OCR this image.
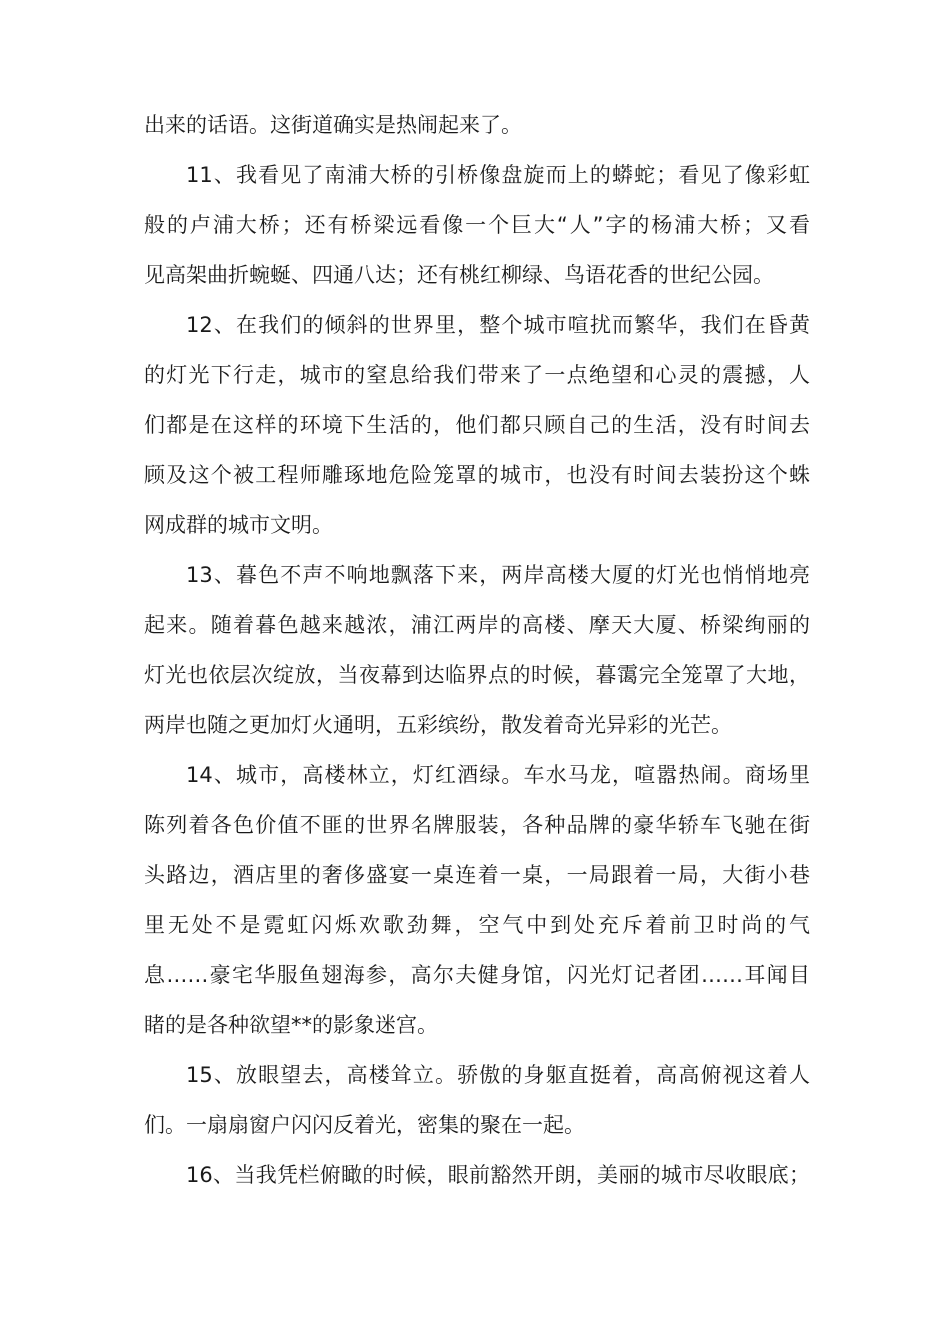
出来的话语。这街道确实是热闹起来了。
11、我看见了南浦大桥的引桥像盘旋而上的蟒蛇；看见了像彩虹
般的卢浦大桥；还有桥梁远看像一个巨大“人”字的杨浦大桥；又看
见高架曲折蜿蜒、四通八达；还有桃红柳绿、鸟语花香的世纪公园。
12、在我们的倾斜的世界里，整个城市喧扰而繁华，我们在昏黄
的灯光下行走，城市的窒息给我们带来了一点绝望和心灵的震撼，人
们都是在这样的环境下生活的，他们都只顾自己的生活，没有时间去
顾及这个被工程师雕琢地危险笼罩的城市，也没有时间去装扮这个蛛
网成群的城市文明。
13、暮色不声不响地飘落下来，两岸高楼大厦的灯光也悄悄地亮
起来。随着暮色越来越浓，浦江两岸的高楼、摩天大厦、桥梁绚丽的
灯光也依层次绽放，当夜幕到达临界点的时候，暮霭完全笼罩了大地，
两岸也随之更加灯火通明，五彩缤纷，散发着奇光异彩的光芒。
14、城市，高楼林立，灯红酒绿。车水马龙，喧嚣热闹。商场里
陈列着各色价值不匪的世界名牌服装，各种品牌的豪华轿车飞驰在街
头路边，酒店里的奢侈盛宴一桌连着一桌，一局跟着一局，大街小巷
里无处不是霓虹闪烁欢歌劲舞，空气中到处充斥着前卫时尚的气
息……豪宅华服鱼翅海参，高尔夫健身馆，闪光灯记者团……耳闻目
睹的是各种欲望**的影象迷宫。
15、放眼望去，高楼耸立。骄傲的身躯直挺着，高高俯视这着人
们。一扇扇窗户闪闪反着光，密集的聚在一起。
16、当我凭栏俯瞰的时候，眼前豁然开朗，美丽的城市尽收眼底；
